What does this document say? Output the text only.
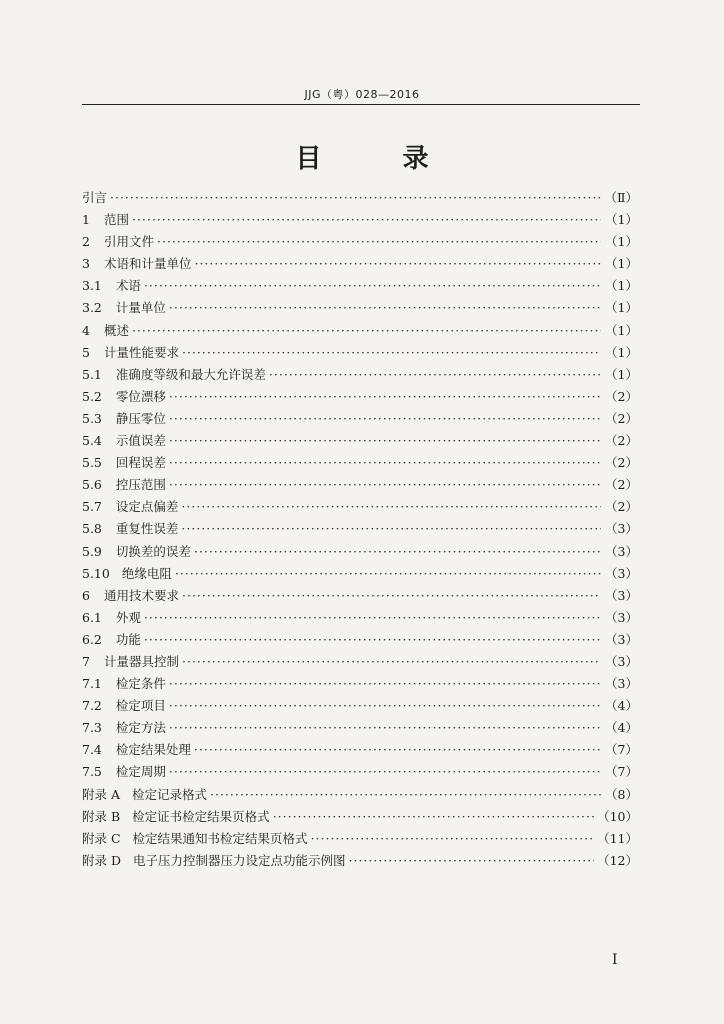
JJG（粤）028—2016
目 录
引言 ·····	（Ⅱ）
1 范围 ·····	（1）
2 引用文件 ·····	（1）
3 术语和计量单位 ·····	（1）
3.1 术语 ·····	（1）
3.2 计量单位 ·····	（1）
4 概述 ·····	（1）
5 计量性能要求 ·····	（1）
5.1 准确度等级和最大允许误差 ·····	（1）
5.2 零位漂移 ·····	（2）
5.3 静压零位 ·····	（2）
5.4 示值误差 ·····	（2）
5.5 回程误差 ·····	（2）
5.6 控压范围 ·····	（2）
5.7 设定点偏差 ·····	（2）
5.8 重复性误差 ·····	（3）
5.9 切换差的误差 ·····	（3）
5.10 绝缘电阻 ·····	（3）
6 通用技术要求 ·····	（3）
6.1 外观 ·····	（3）
6.2 功能 ·····	（3）
7 计量器具控制 ·····	（3）
7.1 检定条件 ·····	（3）
7.2 检定项目 ·····	（4）
7.3 检定方法 ·····	（4）
7.4 检定结果处理 ·····	（7）
7.5 检定周期 ·····	（7）
附录 A 检定记录格式 ·····	（8）
附录 B 检定证书检定结果页格式 ·····	（10）
附录 C 检定结果通知书检定结果页格式 ·····	（11）
附录 D 电子压力控制器压力设定点功能示例图 ·····	（12）
I
